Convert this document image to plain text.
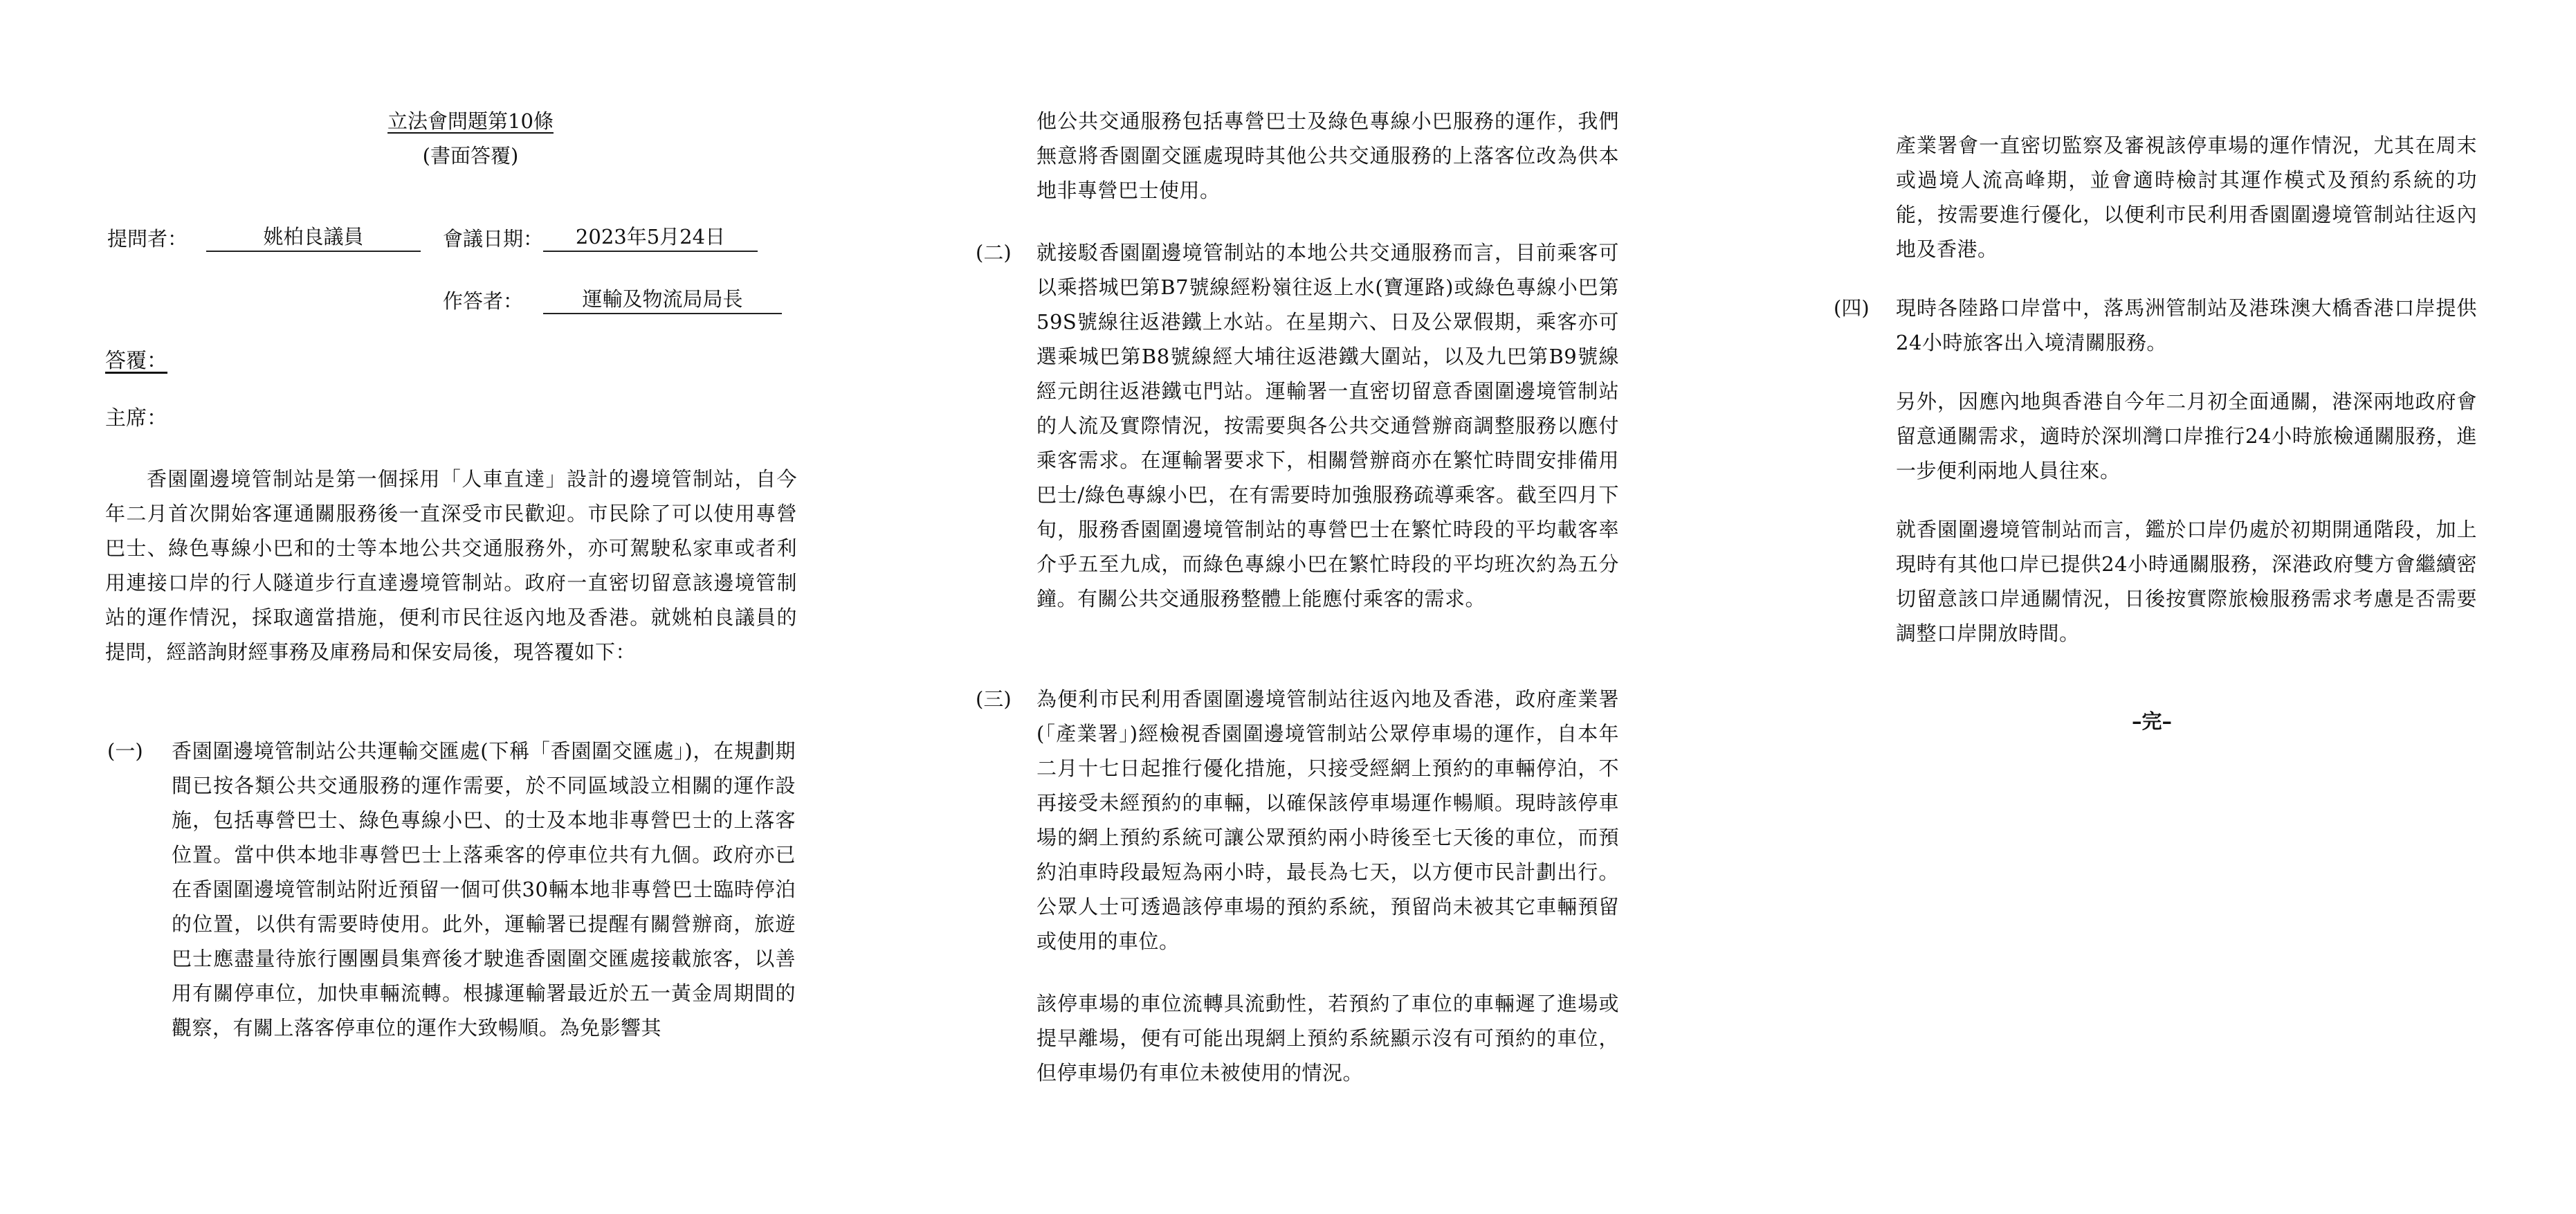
立法會問題第10條
(書面答覆)
提問者：	姚柏良議員	會議日期：	2023年5月24日
作答者：	運輸及物流局局長
答覆：
主席：

香園圍邊境管制站是第一個採用「人車直達」設計的邊境管制站，自今年二月首次開始客運通關服務後一直深受市民歡迎。市民除了可以使用專營巴士、綠色專線小巴和的士等本地公共交通服務外，亦可駕駛私家車或者利用連接口岸的行人隧道步行直達邊境管制站。政府一直密切留意該邊境管制站的運作情況，採取適當措施，便利市民往返內地及香港。就姚柏良議員的提問，經諮詢財經事務及庫務局和保安局後，現答覆如下：

(一) 香園圍邊境管制站公共運輸交匯處(下稱「香園圍交匯處」)，在規劃期間已按各類公共交通服務的運作需要，於不同區域設立相關的運作設施，包括專營巴士、綠色專線小巴、的士及本地非專營巴士的上落客位置。當中供本地非專營巴士上落乘客的停車位共有九個。政府亦已在香園圍邊境管制站附近預留一個可供30輛本地非專營巴士臨時停泊的位置，以供有需要時使用。此外，運輸署已提醒有關營辦商，旅遊巴士應盡量待旅行團團員集齊後才駛進香園圍交匯處接載旅客，以善用有關停車位，加快車輛流轉。根據運輸署最近於五一黃金周期間的觀察，有關上落客停車位的運作大致暢順。為免影響其

他公共交通服務包括專營巴士及綠色專線小巴服務的運作，我們無意將香園圍交匯處現時其他公共交通服務的上落客位改為供本地非專營巴士使用。

(二) 就接駁香園圍邊境管制站的本地公共交通服務而言，目前乘客可以乘搭城巴第B7號線經粉嶺往返上水(寶運路)或綠色專線小巴第59S號線往返港鐵上水站。在星期六、日及公眾假期，乘客亦可選乘城巴第B8號線經大埔往返港鐵大圍站，以及九巴第B9號線經元朗往返港鐵屯門站。運輸署一直密切留意香園圍邊境管制站的人流及實際情況，按需要與各公共交通營辦商調整服務以應付乘客需求。在運輸署要求下，相關營辦商亦在繁忙時間安排備用巴士/綠色專線小巴，在有需要時加強服務疏導乘客。截至四月下旬，服務香園圍邊境管制站的專營巴士在繁忙時段的平均載客率介乎五至九成，而綠色專線小巴在繁忙時段的平均班次約為五分鐘。有關公共交通服務整體上能應付乘客的需求。

(三) 為便利市民利用香園圍邊境管制站往返內地及香港，政府產業署(「產業署」)經檢視香園圍邊境管制站公眾停車場的運作，自本年二月十七日起推行優化措施，只接受經網上預約的車輛停泊，不再接受未經預約的車輛，以確保該停車場運作暢順。現時該停車場的網上預約系統可讓公眾預約兩小時後至七天後的車位，而預約泊車時段最短為兩小時，最長為七天，以方便市民計劃出行。公眾人士可透過該停車場的預約系統，預留尚未被其它車輛預留或使用的車位。

該停車場的車位流轉具流動性，若預約了車位的車輛遲了進場或提早離場，便有可能出現網上預約系統顯示沒有可預約的車位，但停車場仍有車位未被使用的情況。

產業署會一直密切監察及審視該停車場的運作情況，尤其在周末或過境人流高峰期，並會適時檢討其運作模式及預約系統的功能，按需要進行優化，以便利市民利用香園圍邊境管制站往返內地及香港。

(四) 現時各陸路口岸當中，落馬洲管制站及港珠澳大橋香港口岸提供24小時旅客出入境清關服務。

另外，因應內地與香港自今年二月初全面通關，港深兩地政府會留意通關需求，適時於深圳灣口岸推行24小時旅檢通關服務，進一步便利兩地人員往來。

就香園圍邊境管制站而言，鑑於口岸仍處於初期開通階段，加上現時有其他口岸已提供24小時通關服務，深港政府雙方會繼續密切留意該口岸通關情況，日後按實際旅檢服務需求考慮是否需要調整口岸開放時間。

–完–
